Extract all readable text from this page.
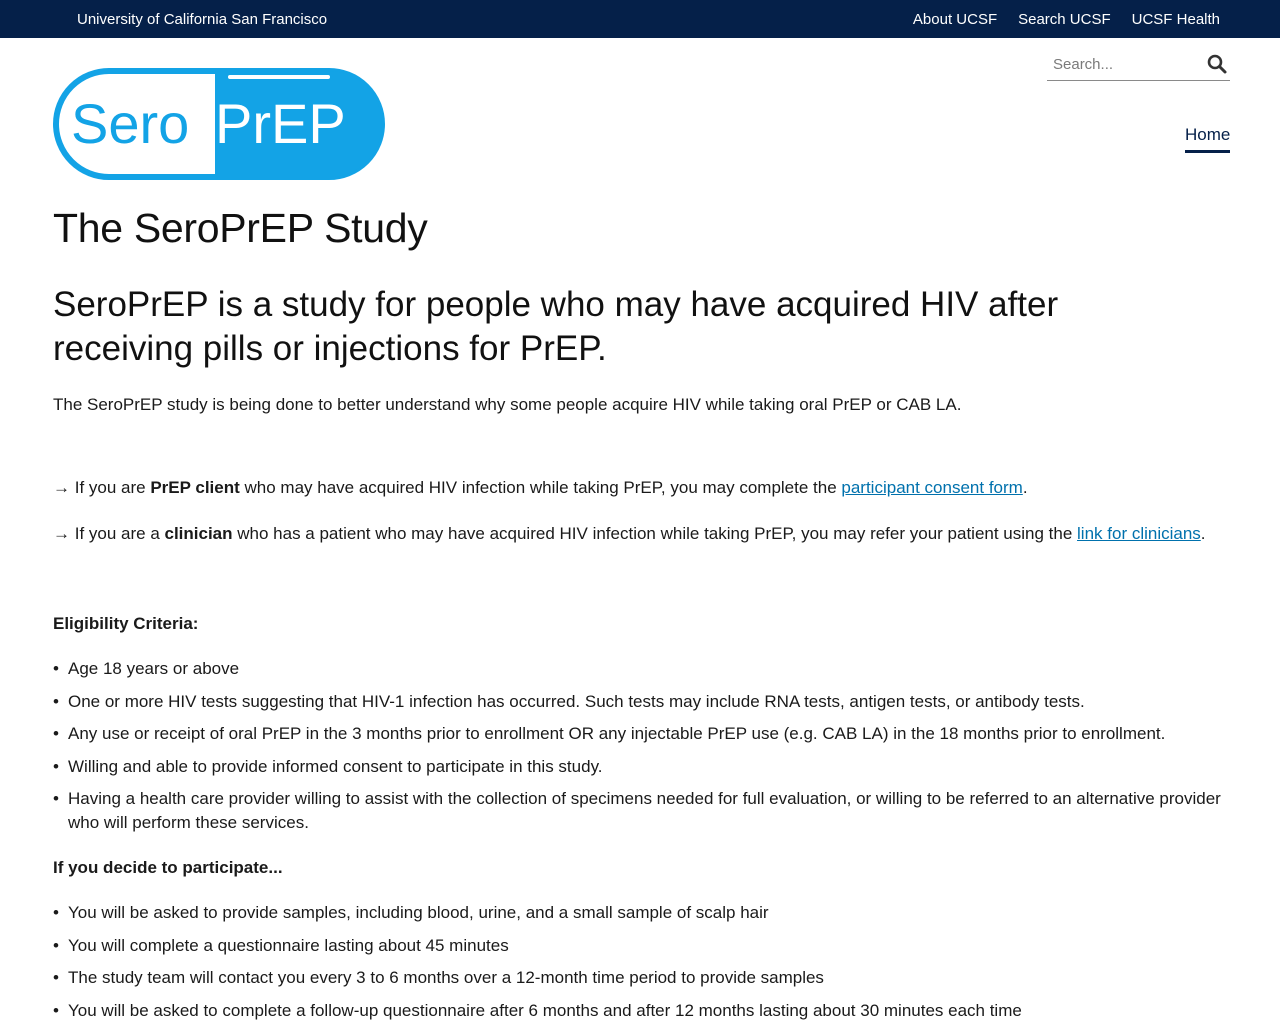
University of California San Francisco	About UCSF Search UCSF UCSF Health
Search...
Sero PrEP	Home
The SeroPrEP Study
SeroPrEP is a study for people who may have acquired HIV after receiving pills or injections for PrEP.

The SeroPrEP study is being done to better understand why some people acquire HIV while taking oral PrEP or CAB LA.

→ If you are PrEP client who may have acquired HIV infection while taking PrEP, you may complete the participant consent form.

→ If you are a clinician who has a patient who may have acquired HIV infection while taking PrEP, you may refer your patient using the link for clinicians.

Eligibility Criteria:

• Age 18 years or above
• One or more HIV tests suggesting that HIV-1 infection has occurred. Such tests may include RNA tests, antigen tests, or antibody tests.
• Any use or receipt of oral PrEP in the 3 months prior to enrollment OR any injectable PrEP use (e.g. CAB LA) in the 18 months prior to enrollment.
• Willing and able to provide informed consent to participate in this study.
• Having a health care provider willing to assist with the collection of specimens needed for full evaluation, or willing to be referred to an alternative provider who will perform these services.

If you decide to participate...

• You will be asked to provide samples, including blood, urine, and a small sample of scalp hair
• You will complete a questionnaire lasting about 45 minutes
• The study team will contact you every 3 to 6 months over a 12-month time period to provide samples
• You will be asked to complete a follow-up questionnaire after 6 months and after 12 months lasting about 30 minutes each time
